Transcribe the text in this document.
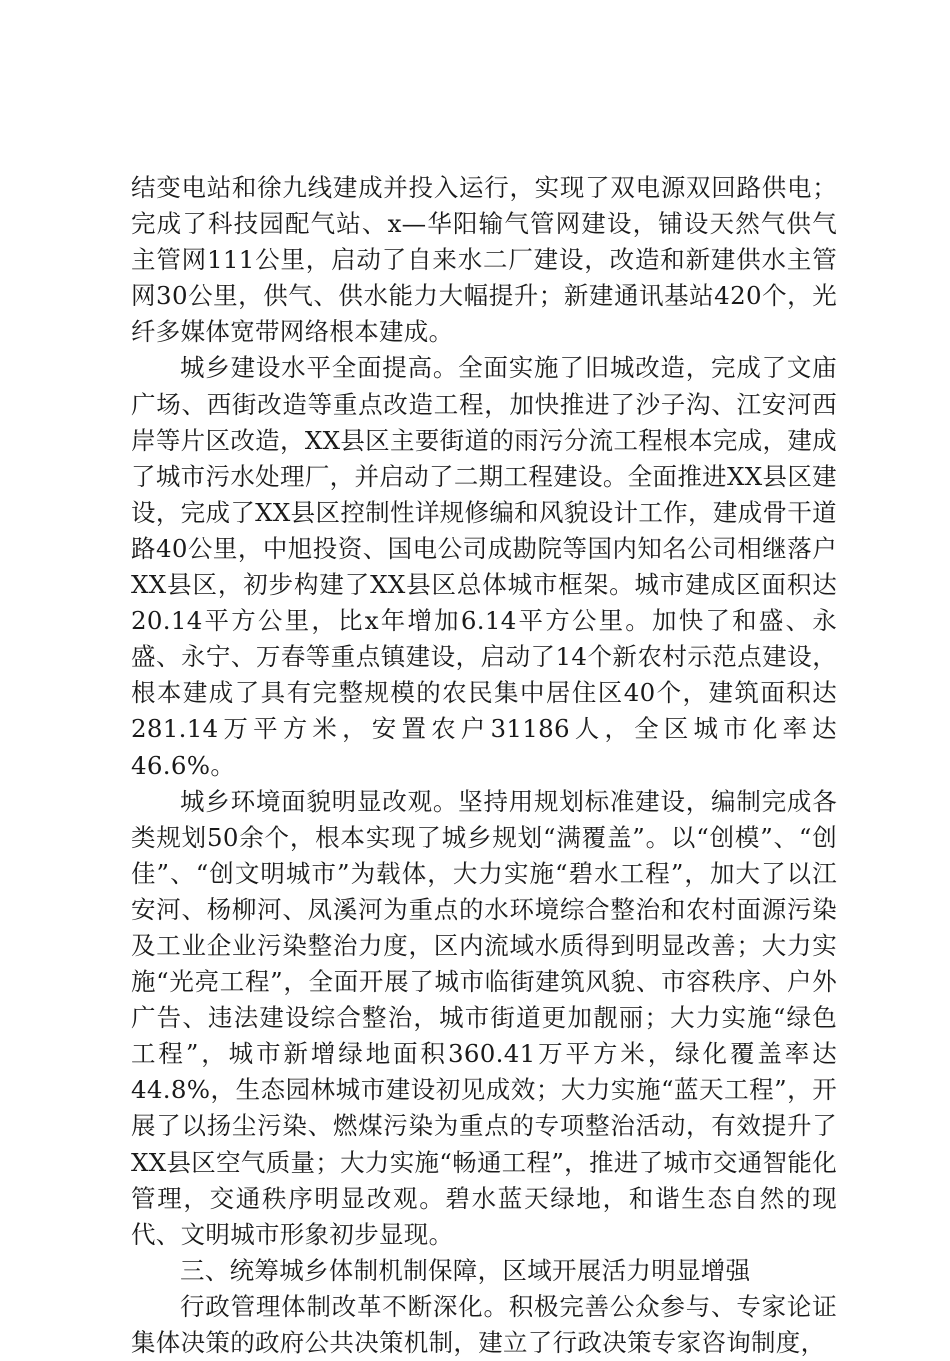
结变电站和徐九线建成并投入运行，实现了双电源双回路供电；完成了科技园配气站、x—华阳输气管网建设，铺设天然气供气主管网111公里，启动了自来水二厂建设，改造和新建供水主管网30公里，供气、供水能力大幅提升；新建通讯基站420个，光纤多媒体宽带网络根本建成。

城乡建设水平全面提高。全面实施了旧城改造，完成了文庙广场、西街改造等重点改造工程，加快推进了沙子沟、江安河西岸等片区改造，XX县区主要街道的雨污分流工程根本完成，建成了城市污水处理厂，并启动了二期工程建设。全面推进XX县区建设，完成了XX县区控制性详规修编和风貌设计工作，建成骨干道路40公里，中旭投资、国电公司成勘院等国内知名公司相继落户XX县区，初步构建了XX县区总体城市框架。城市建成区面积达20.14平方公里，比x年增加6.14平方公里。加快了和盛、永盛、永宁、万春等重点镇建设，启动了14个新农村示范点建设，根本建成了具有完整规模的农民集中居住区40个，建筑面积达281.14万平方米，安置农户31186人，全区城市化率达46.6%。

城乡环境面貌明显改观。坚持用规划标准建设，编制完成各类规划50余个，根本实现了城乡规划“满覆盖”。以“创模”、“创佳”、“创文明城市”为载体，大力实施“碧水工程”，加大了以江安河、杨柳河、凤溪河为重点的水环境综合整治和农村面源污染及工业企业污染整治力度，区内流域水质得到明显改善；大力实施“光亮工程”，全面开展了城市临街建筑风貌、市容秩序、户外广告、违法建设综合整治，城市街道更加靓丽；大力实施“绿色工程”，城市新增绿地面积360.41万平方米，绿化覆盖率达44.8%，生态园林城市建设初见成效；大力实施“蓝天工程”，开展了以扬尘污染、燃煤污染为重点的专项整治活动，有效提升了XX县区空气质量；大力实施“畅通工程”，推进了城市交通智能化管理，交通秩序明显改观。碧水蓝天绿地，和谐生态自然的现代、文明城市形象初步显现。

三、统筹城乡体制机制保障，区域开展活力明显增强

行政管理体制改革不断深化。积极完善公众参与、专家论证集体决策的政府公共决策机制，建立了行政决策专家咨询制度，
